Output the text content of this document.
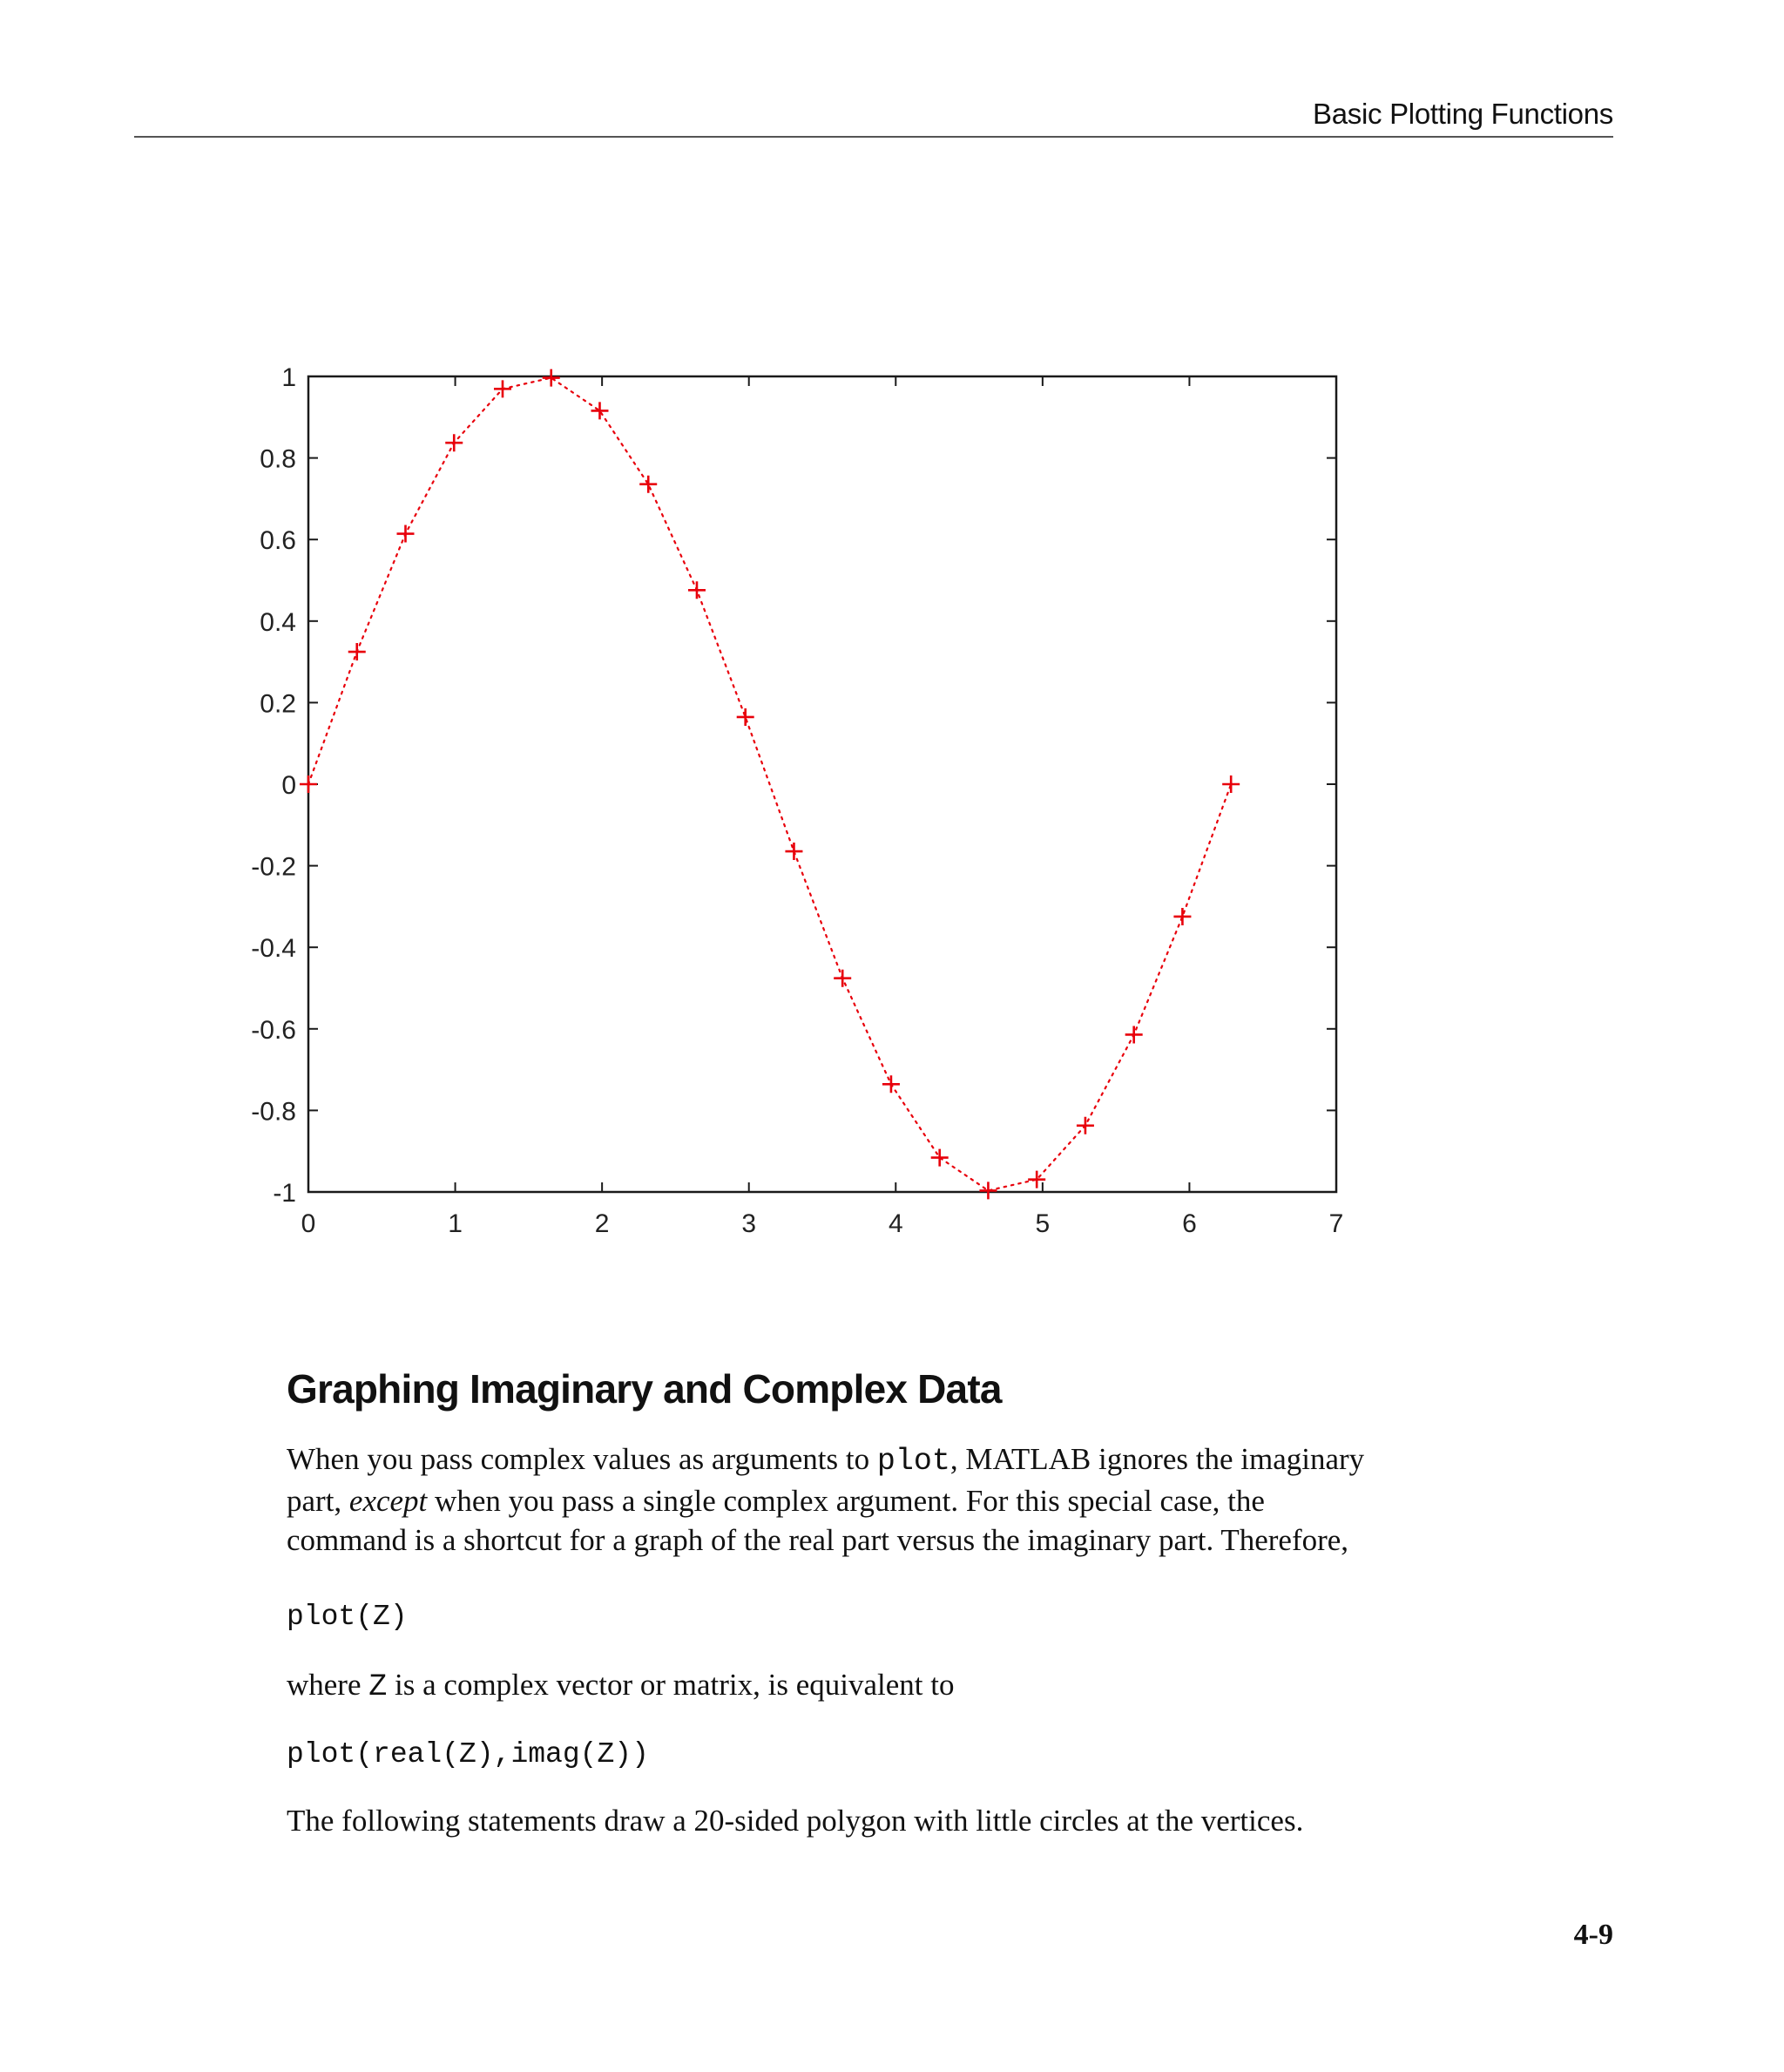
Basic Plotting Functions
0	1	2	3	4	5	6	7
1
0.8
0.6
0.4
0.2
0
-0.2
-0.4
-0.6
-0.8
-1
Graphing Imaginary and Complex Data

When you pass complex values as arguments to plot, MATLAB ignores the imaginary
part, except when you pass a single complex argument. For this special case, the
command is a shortcut for a graph of the real part versus the imaginary part. Therefore,

plot(Z)

where Z is a complex vector or matrix, is equivalent to

plot(real(Z),imag(Z))

The following statements draw a 20-sided polygon with little circles at the vertices.

4-9
